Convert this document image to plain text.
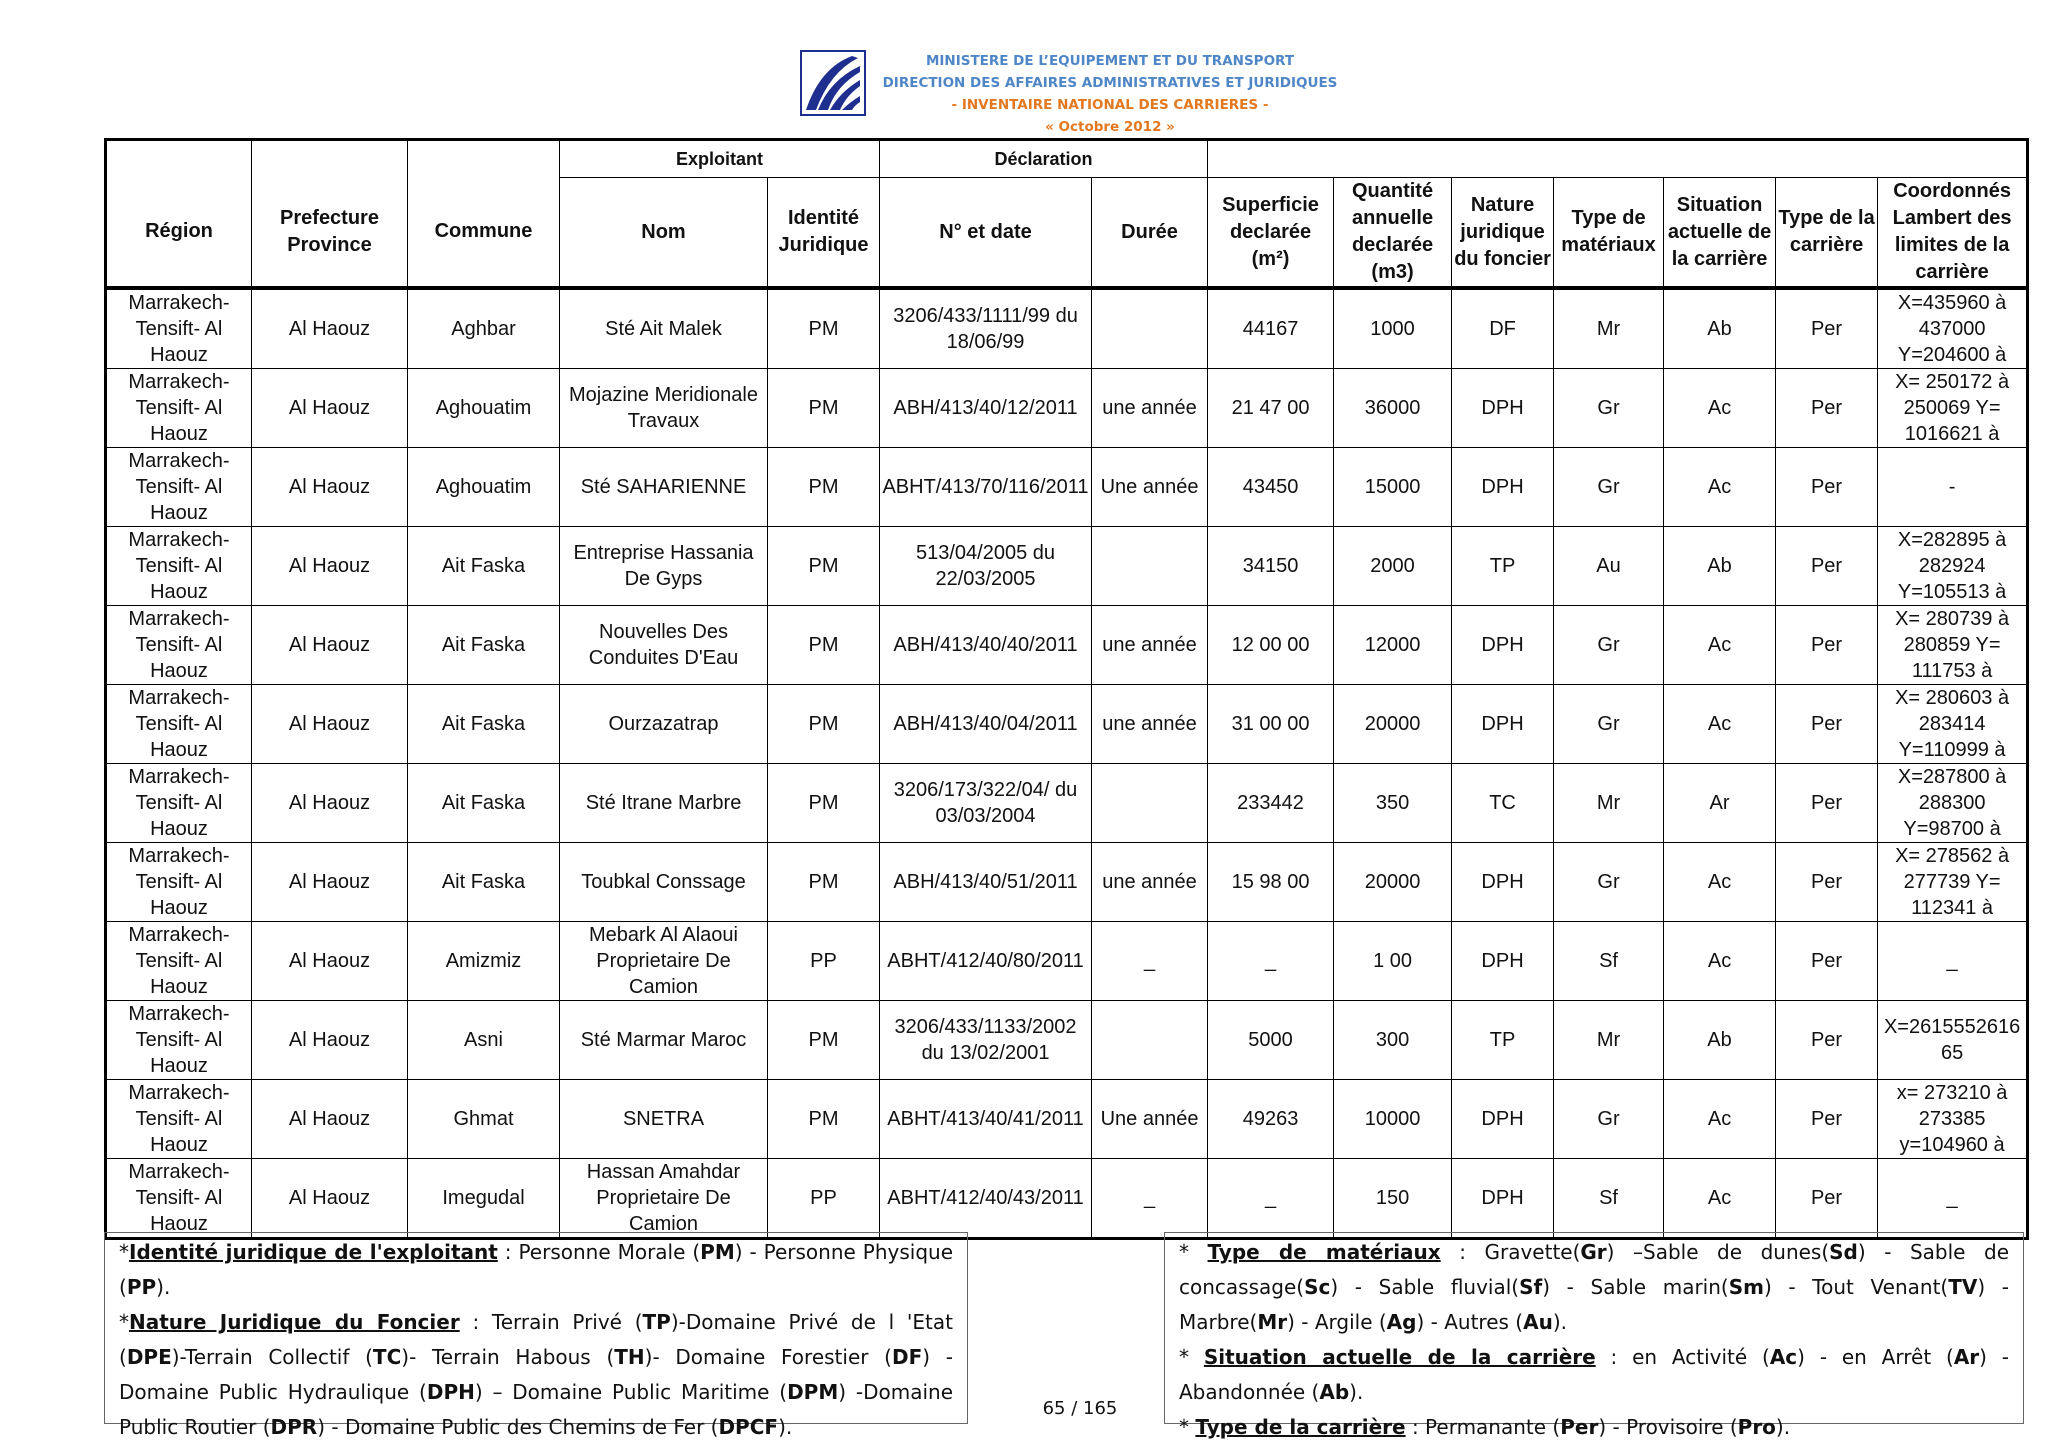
MINISTERE DE L’EQUIPEMENT ET DU TRANSPORT
DIRECTION DES AFFAIRES ADMINISTRATIVES ET JURIDIQUES
- INVENTAIRE NATIONAL DES CARRIERES -
« Octobre 2012 »
			Exploitant		Déclaration								
Région	Prefecture Province	Commune	Nom	Identité Juridique	N° et date	Durée	Superficie declarée (m²)	Quantité annuelle declarée (m3)	Nature juridique du foncier	Type de matériaux	Situation actuelle de la carrière	Type de la carrière	Coordonnés Lambert des limites de la carrière
Marrakech-Tensift- Al Haouz	Al Haouz	Aghbar	Sté Ait Malek	PM	3206/433/1111/99 du 18/06/99		44167	1000	DF	Mr	Ab	Per	X=435960 à 437000 Y=204600 à
Marrakech-Tensift- Al Haouz	Al Haouz	Aghouatim	Mojazine Meridionale Travaux	PM	ABH/413/40/12/2011	une année	21 47 00	36000	DPH	Gr	Ac	Per	X= 250172 à 250069 Y= 1016621 à
Marrakech-Tensift- Al Haouz	Al Haouz	Aghouatim	Sté SAHARIENNE	PM	ABHT/413/70/116/2011	Une année	43450	15000	DPH	Gr	Ac	Per	-
Marrakech-Tensift- Al Haouz	Al Haouz	Ait Faska	Entreprise Hassania De Gyps	PM	513/04/2005 du 22/03/2005		34150	2000	TP	Au	Ab	Per	X=282895 à 282924 Y=105513 à
Marrakech-Tensift- Al Haouz	Al Haouz	Ait Faska	Nouvelles Des Conduites D'Eau	PM	ABH/413/40/40/2011	une année	12 00 00	12000	DPH	Gr	Ac	Per	X= 280739 à 280859 Y= 111753 à
Marrakech-Tensift- Al Haouz	Al Haouz	Ait Faska	Ourzazatrap	PM	ABH/413/40/04/2011	une année	31 00 00	20000	DPH	Gr	Ac	Per	X= 280603 à 283414 Y=110999 à
Marrakech-Tensift- Al Haouz	Al Haouz	Ait Faska	Sté Itrane Marbre	PM	3206/173/322/04/ du 03/03/2004		233442	350	TC	Mr	Ar	Per	X=287800 à 288300 Y=98700 à
Marrakech-Tensift- Al Haouz	Al Haouz	Ait Faska	Toubkal Conssage	PM	ABH/413/40/51/2011	une année	15 98 00	20000	DPH	Gr	Ac	Per	X= 278562 à 277739 Y= 112341 à
Marrakech-Tensift- Al Haouz	Al Haouz	Amizmiz	Mebark Al Alaoui Proprietaire De Camion	PP	ABHT/412/40/80/2011	_	_	1 00	DPH	Sf	Ac	Per	_
Marrakech-Tensift- Al Haouz	Al Haouz	Asni	Sté Marmar Maroc	PM	3206/433/1133/2002 du 13/02/2001		5000	300	TP	Mr	Ab	Per	X=2615552616 65
Marrakech-Tensift- Al Haouz	Al Haouz	Ghmat	SNETRA	PM	ABHT/413/40/41/2011	Une année	49263	10000	DPH	Gr	Ac	Per	x= 273210 à 273385 y=104960 à
Marrakech-Tensift- Al Haouz	Al Haouz	Imegudal	Hassan Amahdar Proprietaire De Camion	PP	ABHT/412/40/43/2011	_	_	150	DPH	Sf	Ac	Per	_
*Identité juridique de l'exploitant : Personne Morale (PM) - Personne Physique (PP).
*Nature Juridique du Foncier : Terrain Privé (TP)-Domaine Privé de l 'Etat (DPE)-Terrain Collectif (TC)- Terrain Habous (TH)- Domaine Forestier (DF) -Domaine Public Hydraulique (DPH) – Domaine Public Maritime (DPM) -Domaine Public Routier (DPR) - Domaine Public des Chemins de Fer (DPCF).
* Type de matériaux : Gravette(Gr) –Sable de dunes(Sd) - Sable de concassage(Sc) - Sable fluvial(Sf) - Sable marin(Sm) - Tout Venant(TV) - Marbre(Mr) - Argile (Ag) - Autres (Au).
* Situation actuelle de la carrière : en Activité (Ac) - en Arrêt (Ar) - Abandonnée (Ab).
* Type de la carrière : Permanante (Per) - Provisoire (Pro).
65 / 165
